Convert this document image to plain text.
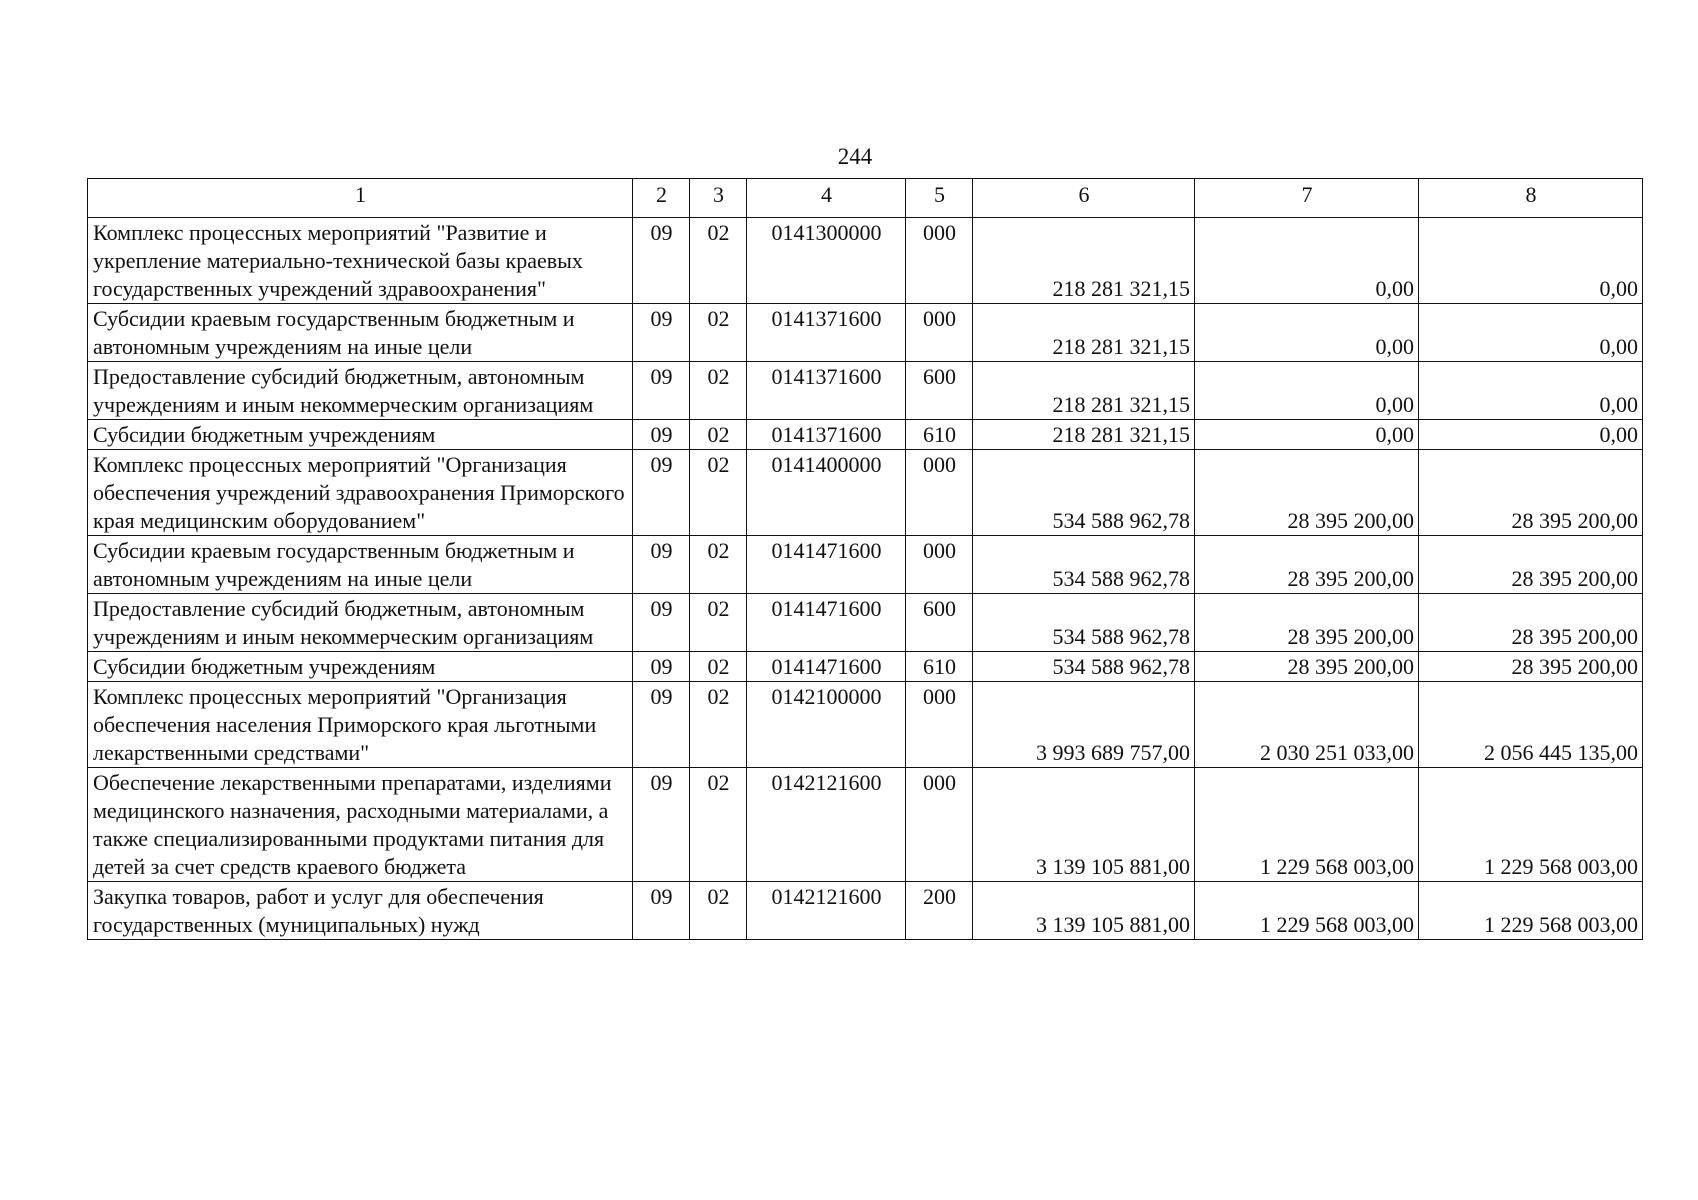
244
1	2	3	4	5	6	7	8
Комплекс процессных мероприятий "Развитие и укрепление материально-технической базы краевых государственных учреждений здравоохранения"	09	02	0141300000	000	218 281 321,15	0,00	0,00
Субсидии краевым государственным бюджетным и автономным учреждениям на иные цели	09	02	0141371600	000	218 281 321,15	0,00	0,00
Предоставление субсидий бюджетным, автономным учреждениям и иным некоммерческим организациям	09	02	0141371600	600	218 281 321,15	0,00	0,00
Субсидии бюджетным учреждениям	09	02	0141371600	610	218 281 321,15	0,00	0,00
Комплекс процессных мероприятий "Организация обеспечения учреждений здравоохранения Приморского края медицинским оборудованием"	09	02	0141400000	000	534 588 962,78	28 395 200,00	28 395 200,00
Субсидии краевым государственным бюджетным и автономным учреждениям на иные цели	09	02	0141471600	000	534 588 962,78	28 395 200,00	28 395 200,00
Предоставление субсидий бюджетным, автономным учреждениям и иным некоммерческим организациям	09	02	0141471600	600	534 588 962,78	28 395 200,00	28 395 200,00
Субсидии бюджетным учреждениям	09	02	0141471600	610	534 588 962,78	28 395 200,00	28 395 200,00
Комплекс процессных мероприятий "Организация обеспечения населения Приморского края льготными лекарственными средствами"	09	02	0142100000	000	3 993 689 757,00	2 030 251 033,00	2 056 445 135,00
Обеспечение лекарственными препаратами, изделиями медицинского назначения, расходными материалами, а также специализированными продуктами питания для детей за счет средств краевого бюджета	09	02	0142121600	000	3 139 105 881,00	1 229 568 003,00	1 229 568 003,00
Закупка товаров, работ и услуг для обеспечения государственных (муниципальных) нужд	09	02	0142121600	200	3 139 105 881,00	1 229 568 003,00	1 229 568 003,00
